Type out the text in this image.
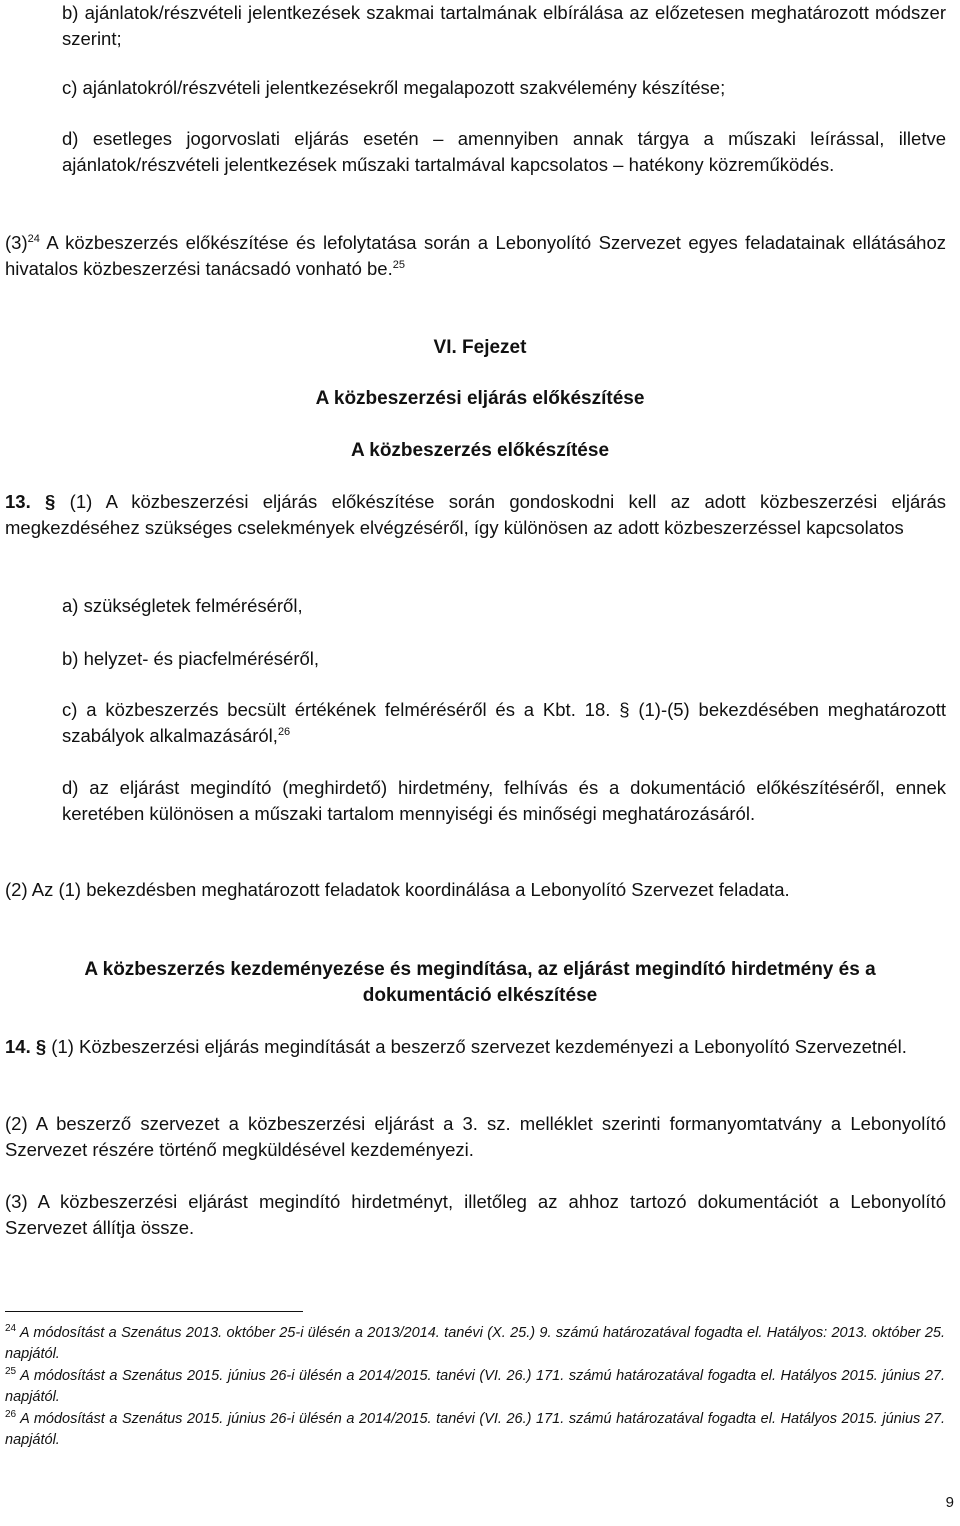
b) ajánlatok/részvételi jelentkezések szakmai tartalmának elbírálása az előzetesen meghatározott módszer szerint;

c) ajánlatokról/részvételi jelentkezésekről megalapozott szakvélemény készítése;

d) esetleges jogorvoslati eljárás esetén – amennyiben annak tárgya a műszaki leírással, illetve ajánlatok/részvételi jelentkezések műszaki tartalmával kapcsolatos – hatékony közreműködés.

$(3)^{24}$ A közbeszerzés előkészítése és lefolytatása során a Lebonyolító Szervezet egyes feladatainak ellátásához hivatalos közbeszerzési tanácsadó vonható be.$^{25}$

VI. Fejezet

A közbeszerzési eljárás előkészítése

A közbeszerzés előkészítése

13. § (1) A közbeszerzési eljárás előkészítése során gondoskodni kell az adott közbeszerzési eljárás megkezdéséhez szükséges cselekmények elvégzéséről, így különösen az adott közbeszerzéssel kapcsolatos

a) szükségletek felméréséről,

b) helyzet- és piacfelméréséről,

c) a közbeszerzés becsült értékének felméréséről és a Kbt. 18. § (1)-(5) bekezdésében meghatározott szabályok alkalmazásáról,$^{26}$

d) az eljárást megindító (meghirdető) hirdetmény, felhívás és a dokumentáció előkészítéséről, ennek keretében különösen a műszaki tartalom mennyiségi és minőségi meghatározásáról.

(2) Az (1) bekezdésben meghatározott feladatok koordinálása a Lebonyolító Szervezet feladata.

A közbeszerzés kezdeményezése és megindítása, az eljárást megindító hirdetmény és a dokumentáció elkészítése

14. § (1) Közbeszerzési eljárás megindítását a beszerző szervezet kezdeményezi a Lebonyolító Szervezetnél.

(2) A beszerző szervezet a közbeszerzési eljárást a 3. sz. melléklet szerinti formanyomtatvány a Lebonyolító Szervezet részére történő megküldésével kezdeményezi.

(3) A közbeszerzési eljárást megindító hirdetményt, illetőleg az ahhoz tartozó dokumentációt a Lebonyolító Szervezet állítja össze.

$^{24}$ A módosítást a Szenátus 2013. október 25-i ülésén a 2013/2014. tanévi (X. 25.) 9. számú határozatával fogadta el. Hatályos: 2013. október 25. napjától.

$^{25}$ A módosítást a Szenátus 2015. június 26-i ülésén a 2014/2015. tanévi (VI. 26.) 171. számú határozatával fogadta el. Hatályos 2015. június 27. napjától.

$^{26}$ A módosítást a Szenátus 2015. június 26-i ülésén a 2014/2015. tanévi (VI. 26.) 171. számú határozatával fogadta el. Hatályos 2015. június 27. napjától.

9
